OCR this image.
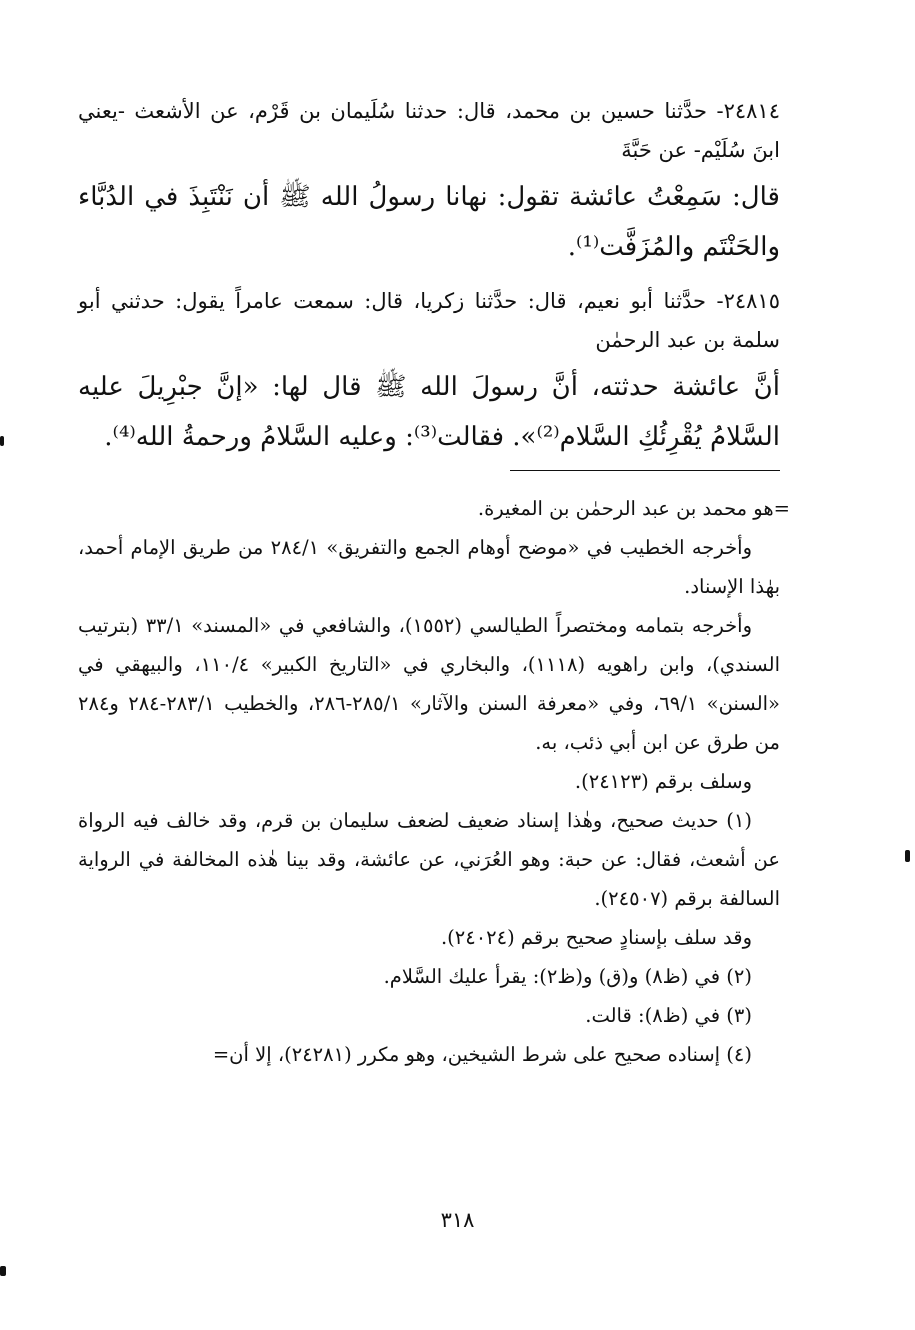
٢٤٨١٤- حدَّثنا حسين بن محمد، قال: حدثنا سُلَيمان بن قَرْم، عن الأشعث -يعني ابنَ سُلَيْم- عن حَبَّةَ

قال: سَمِعْتُ عائشة تقول: نهانا رسولُ الله ﷺ أن نَنْتَبِذَ في الدُبَّاء والحَنْتَم والمُزَفَّت⁽¹⁾.

٢٤٨١٥- حدَّثنا أبو نعيم، قال: حدَّثنا زكريا، قال: سمعت عامراً يقول: حدثني أبو سلمة بن عبد الرحمٰن

أنَّ عائشة حدثته، أنَّ رسولَ الله ﷺ قال لها: «إنَّ جبْرِيلَ عليه السَّلامُ يُقْرِئُكِ السَّلام⁽²⁾». فقالت⁽³⁾: وعليه السَّلامُ ورحمةُ الله⁽⁴⁾.

=هو محمد بن عبد الرحمٰن بن المغيرة.

وأخرجه الخطيب في «موضح أوهام الجمع والتفريق» ٢٨٤/١ من طريق الإمام أحمد، بهٰذا الإسناد.

وأخرجه بتمامه ومختصراً الطيالسي (١٥٥٢)، والشافعي في «المسند» ٣٣/١ (بترتيب السندي)، وابن راهويه (١١١٨)، والبخاري في «التاريخ الكبير» ١١٠/٤، والبيهقي في «السنن» ٦٩/١، وفي «معرفة السنن والآثار» ٢٨٥/١-٢٨٦، والخطيب ٢٨٣/١-٢٨٤ و٢٨٤ من طرق عن ابن أبي ذئب، به.

وسلف برقم (٢٤١٢٣).

(١) حديث صحيح، وهٰذا إسناد ضعيف لضعف سليمان بن قرم، وقد خالف فيه الرواة عن أشعث، فقال: عن حبة: وهو العُرَني، عن عائشة، وقد بينا هٰذه المخالفة في الرواية السالفة برقم (٢٤٥٠٧).

وقد سلف بإسنادٍ صحيح برقم (٢٤٠٢٤).

(٢) في (ظ٨) و(ق) و(ظ٢): يقرأ عليك السَّلام.

(٣) في (ظ٨): قالت.

(٤) إسناده صحيح على شرط الشيخين، وهو مكرر (٢٤٢٨١)، إلا أن=

٣١٨
